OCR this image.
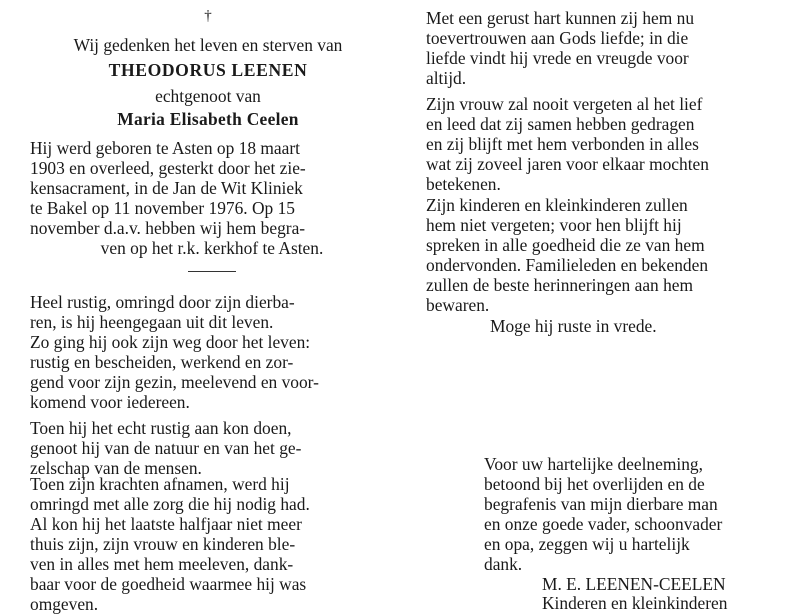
†
Wij gedenken het leven en sterven van
THEODORUS LEENEN
echtgenoot van
Maria Elisabeth Ceelen
Hij werd geboren te Asten op 18 maart
1903 en overleed, gesterkt door het zie-
kensacrament, in de Jan de Wit Kliniek
te Bakel op 11 november 1976. Op 15
november d.a.v. hebben wij hem begra-
ven op het r.k. kerkhof te Asten.
Heel rustig, omringd door zijn dierba-
ren, is hij heengegaan uit dit leven.
Zo ging hij ook zijn weg door het leven:
rustig en bescheiden, werkend en zor-
gend voor zijn gezin, meelevend en voor-
komend voor iedereen.
Toen hij het echt rustig aan kon doen,
genoot hij van de natuur en van het ge-
zelschap van de mensen.
Toen zijn krachten afnamen, werd hij
omringd met alle zorg die hij nodig had.
Al kon hij het laatste halfjaar niet meer
thuis zijn, zijn vrouw en kinderen ble-
ven in alles met hem meeleven, dank-
baar voor de goedheid waarmee hij was
omgeven.
Met een gerust hart kunnen zij hem nu
toevertrouwen aan Gods liefde; in die
liefde vindt hij vrede en vreugde voor
altijd.
Zijn vrouw zal nooit vergeten al het lief
en leed dat zij samen hebben gedragen
en zij blijft met hem verbonden in alles
wat zij zoveel jaren voor elkaar mochten
betekenen.
Zijn kinderen en kleinkinderen zullen
hem niet vergeten; voor hen blijft hij
spreken in alle goedheid die ze van hem
ondervonden. Familieleden en bekenden
zullen de beste herinneringen aan hem
bewaren.
Moge hij ruste in vrede.
Voor uw hartelijke deelneming,
betoond bij het overlijden en de
begrafenis van mijn dierbare man
en onze goede vader, schoonvader
en opa, zeggen wij u hartelijk
dank.
M. E. LEENEN-CEELEN
Kinderen en kleinkinderen
